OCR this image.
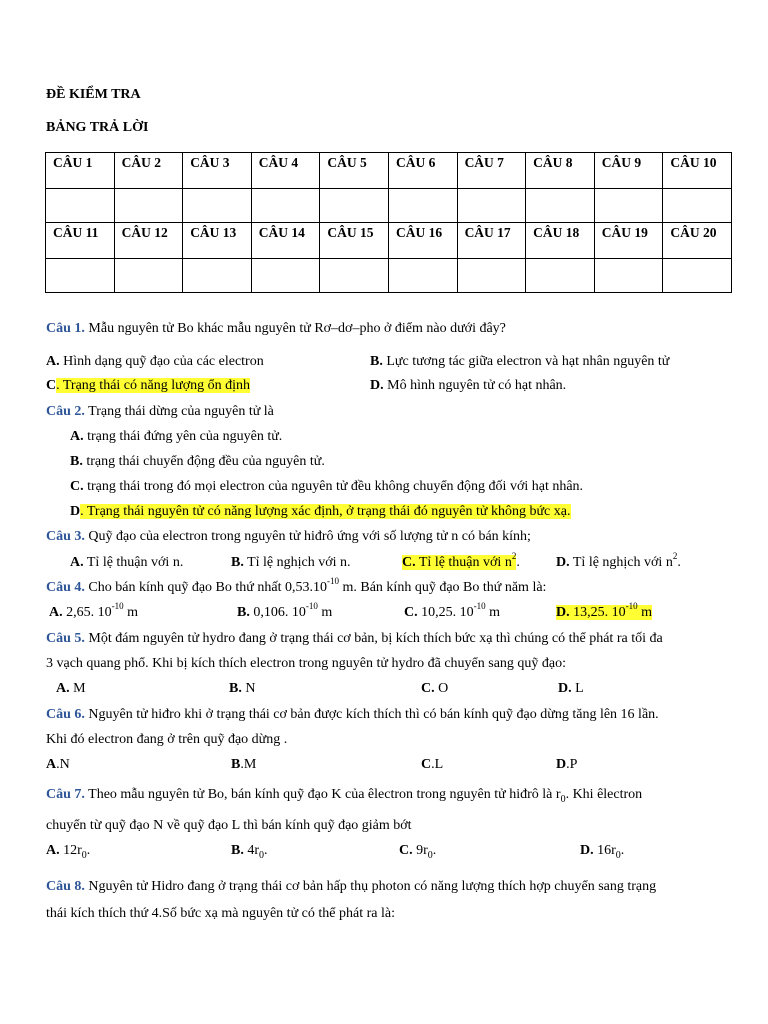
ĐỀ KIỂM TRA
BẢNG TRẢ LỜI
CÂU 1	CÂU 2	CÂU 3	CÂU 4	CÂU 5	CÂU 6	CÂU 7	CÂU 8	CÂU 9	CÂU 10

CÂU 11	CÂU 12	CÂU 13	CÂU 14	CÂU 15	CÂU 16	CÂU 17	CÂU 18	CÂU 19	CÂU 20

Câu 1. Mẫu nguyên tử Bo khác mẫu nguyên tử Rơ–dơ–pho ở điểm nào dưới đây?
A. Hình dạng quỹ đạo của các electron	B. Lực tương tác giữa electron và hạt nhân nguyên tử
C. Trạng thái có năng lượng ổn định	D. Mô hình nguyên tử có hạt nhân.
Câu 2. Trạng thái dừng của nguyên tử là
A. trạng thái đứng yên của nguyên tử.
B. trạng thái chuyển động đều của nguyên tử.
C. trạng thái trong đó mọi electron của nguyên tử đều không chuyển động đối với hạt nhân.
D. Trạng thái nguyên tử có năng lượng xác định, ở trạng thái đó nguyên tử không bức xạ.
Câu 3. Quỹ đạo của electron trong nguyên tử hiđrô ứng với số lượng tử n có bán kính;
A. Tỉ lệ thuận với n.	B. Tỉ lệ nghịch với n.	C. Tỉ lệ thuận với $n^2$.	D. Tỉ lệ nghịch với $n^2$.
Câu 4. Cho bán kính quỹ đạo Bo thứ nhất $0,53.10^{-10}$ m. Bán kính quỹ đạo Bo thứ năm là:
A. 2,65. $10^{-10}$ m	B. 0,106. $10^{-10}$ m	C. 10,25. $10^{-10}$ m	D. 13,25. $10^{-10}$ m
Câu 5. Một đám nguyên tử hydro đang ở trạng thái cơ bản, bị kích thích bức xạ thì chúng có thể phát ra tối đa
3 vạch quang phổ. Khi bị kích thích electron trong nguyên tử hydro đã chuyển sang quỹ đạo:
A. M	B. N	C. O	D. L
Câu 6. Nguyên tử hiđro khi ở trạng thái cơ bản được kích thích thì có bán kính quỹ đạo dừng tăng lên 16 lần.
Khi đó electron đang ở trên quỹ đạo dừng .
A.N	B.M	C.L	D.P
Câu 7. Theo mẫu nguyên tử Bo, bán kính quỹ đạo K của êlectron trong nguyên tử hiđrô là $r_0$. Khi êlectron
chuyển từ quỹ đạo N về quỹ đạo L thì bán kính quỹ đạo giảm bớt
A. $12r_0$.	B. $4r_0$.	C. $9r_0$.	D. $16r_0$.
Câu 8. Nguyên tử Hidro đang ở trạng thái cơ bản hấp thụ photon có năng lượng thích hợp chuyển sang trạng
thái kích thích thứ 4.Số bức xạ mà nguyên tử có thể phát ra là:
